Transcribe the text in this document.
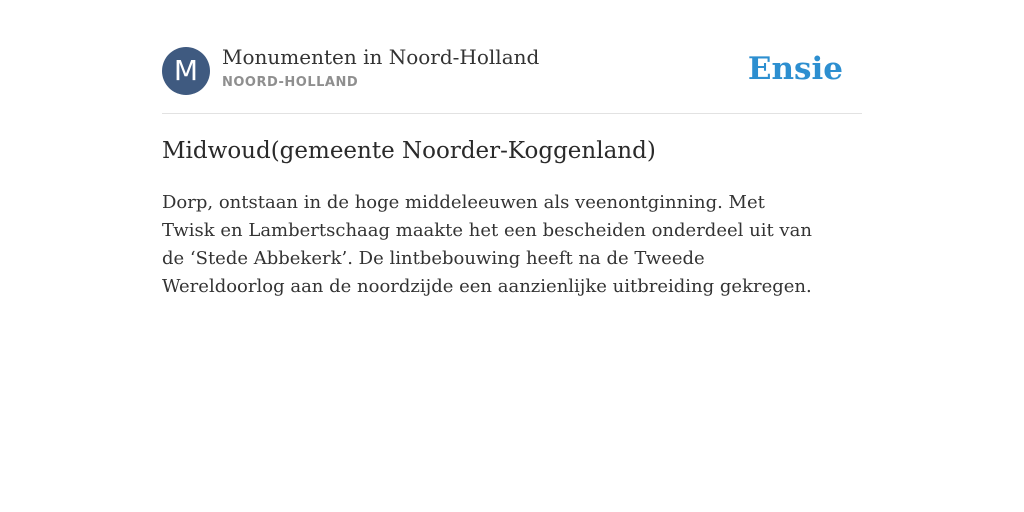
M	Monumenten in Noord-Holland
NOORD-HOLLAND	Ensie
Midwoud(gemeente Noorder-Koggenland)

Dorp, ontstaan in de hoge middeleeuwen als veenontginning. Met Twisk en Lambertschaag maakte het een bescheiden onderdeel uit van de ‘Stede Abbekerk’. De lintbebouwing heeft na de Tweede Wereldoorlog aan de noordzijde een aanzienlijke uitbreiding gekregen.
